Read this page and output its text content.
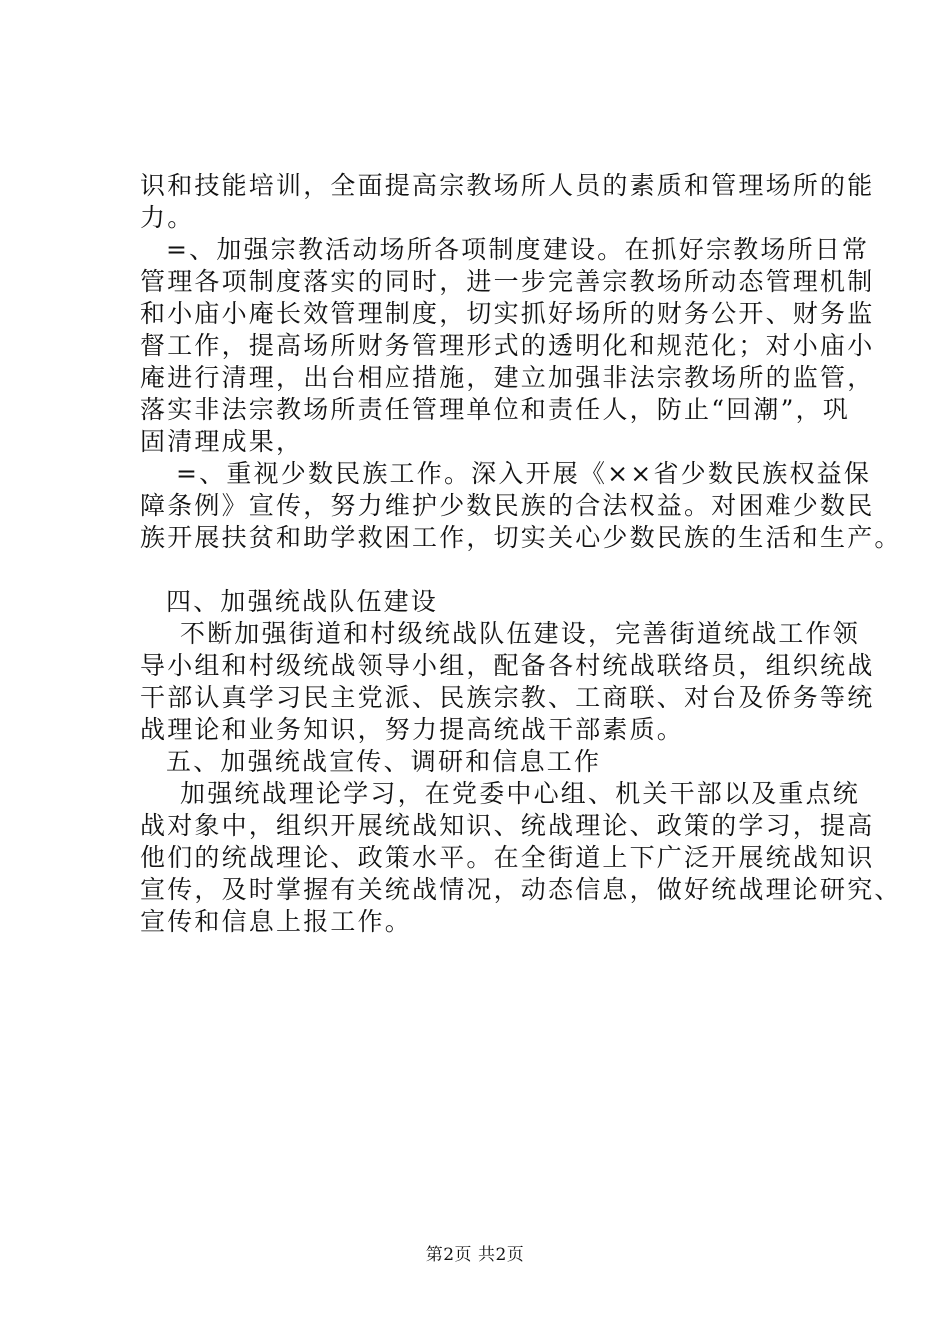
识和技能培训，全面提高宗教场所人员的素质和管理场所的能
力。
=、加强宗教活动场所各项制度建设。在抓好宗教场所日常
管理各项制度落实的同时，进一步完善宗教场所动态管理机制
和小庙小庵长效管理制度，切实抓好场所的财务公开、财务监
督工作，提高场所财务管理形式的透明化和规范化；对小庙小
庵进行清理，出台相应措施，建立加强非法宗教场所的监管，
落实非法宗教场所责任管理单位和责任人，防止“回潮”，巩
固清理成果，
=、重视少数民族工作。深入开展《××省少数民族权益保
障条例》宣传，努力维护少数民族的合法权益。对困难少数民
族开展扶贫和助学救困工作，切实关心少数民族的生活和生产。
四、加强统战队伍建设
不断加强街道和村级统战队伍建设，完善街道统战工作领
导小组和村级统战领导小组，配备各村统战联络员，组织统战
干部认真学习民主党派、民族宗教、工商联、对台及侨务等统
战理论和业务知识，努力提高统战干部素质。
五、加强统战宣传、调研和信息工作
加强统战理论学习，在党委中心组、机关干部以及重点统
战对象中，组织开展统战知识、统战理论、政策的学习，提高
他们的统战理论、政策水平。在全街道上下广泛开展统战知识
宣传，及时掌握有关统战情况，动态信息，做好统战理论研究、
宣传和信息上报工作。
第2页 共2页
